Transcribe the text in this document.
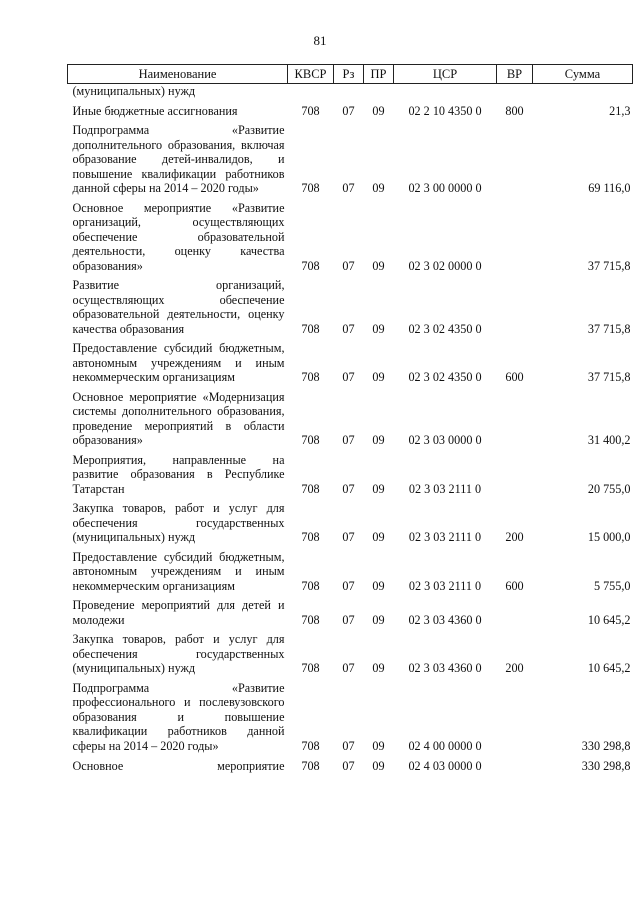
81
Наименование	КВСР	Рз	ПР	ЦСР	ВР	Сумма
(муниципальных) нужд						
Иные бюджетные ассигнования	708	07	09	02 2 10 4350 0	800	21,3
Подпрограмма «Развитие дополнительного образования, включая образование детей-инвалидов, и повышение квалификации работников данной сферы на 2014 – 2020 годы»	708	07	09	02 3 00 0000 0		69 116,0
Основное мероприятие «Развитие организаций, осуществляющих обеспечение образовательной деятельности, оценку качества образования»	708	07	09	02 3 02 0000 0		37 715,8
Развитие организаций, осуществляющих обеспечение образовательной деятельности, оценку качества образования	708	07	09	02 3 02 4350 0		37 715,8
Предоставление субсидий бюджетным, автономным учреждениям и иным некоммерческим организациям	708	07	09	02 3 02 4350 0	600	37 715,8
Основное мероприятие «Модернизация системы дополнительного образования, проведение мероприятий в области образования»	708	07	09	02 3 03 0000 0		31 400,2
Мероприятия, направленные на развитие образования в Республике Татарстан	708	07	09	02 3 03 2111 0		20 755,0
Закупка товаров, работ и услуг для обеспечения государственных (муниципальных) нужд	708	07	09	02 3 03 2111 0	200	15 000,0
Предоставление субсидий бюджетным, автономным учреждениям и иным некоммерческим организациям	708	07	09	02 3 03 2111 0	600	5 755,0
Проведение мероприятий для детей и молодежи	708	07	09	02 3 03 4360 0		10 645,2
Закупка товаров, работ и услуг для обеспечения государственных (муниципальных) нужд	708	07	09	02 3 03 4360 0	200	10 645,2
Подпрограмма «Развитие профессионального и послевузовского образования и повышение квалификации работников данной сферы на 2014 – 2020 годы»	708	07	09	02 4 00 0000 0		330 298,8
Основное мероприятие	708	07	09	02 4 03 0000 0		330 298,8
